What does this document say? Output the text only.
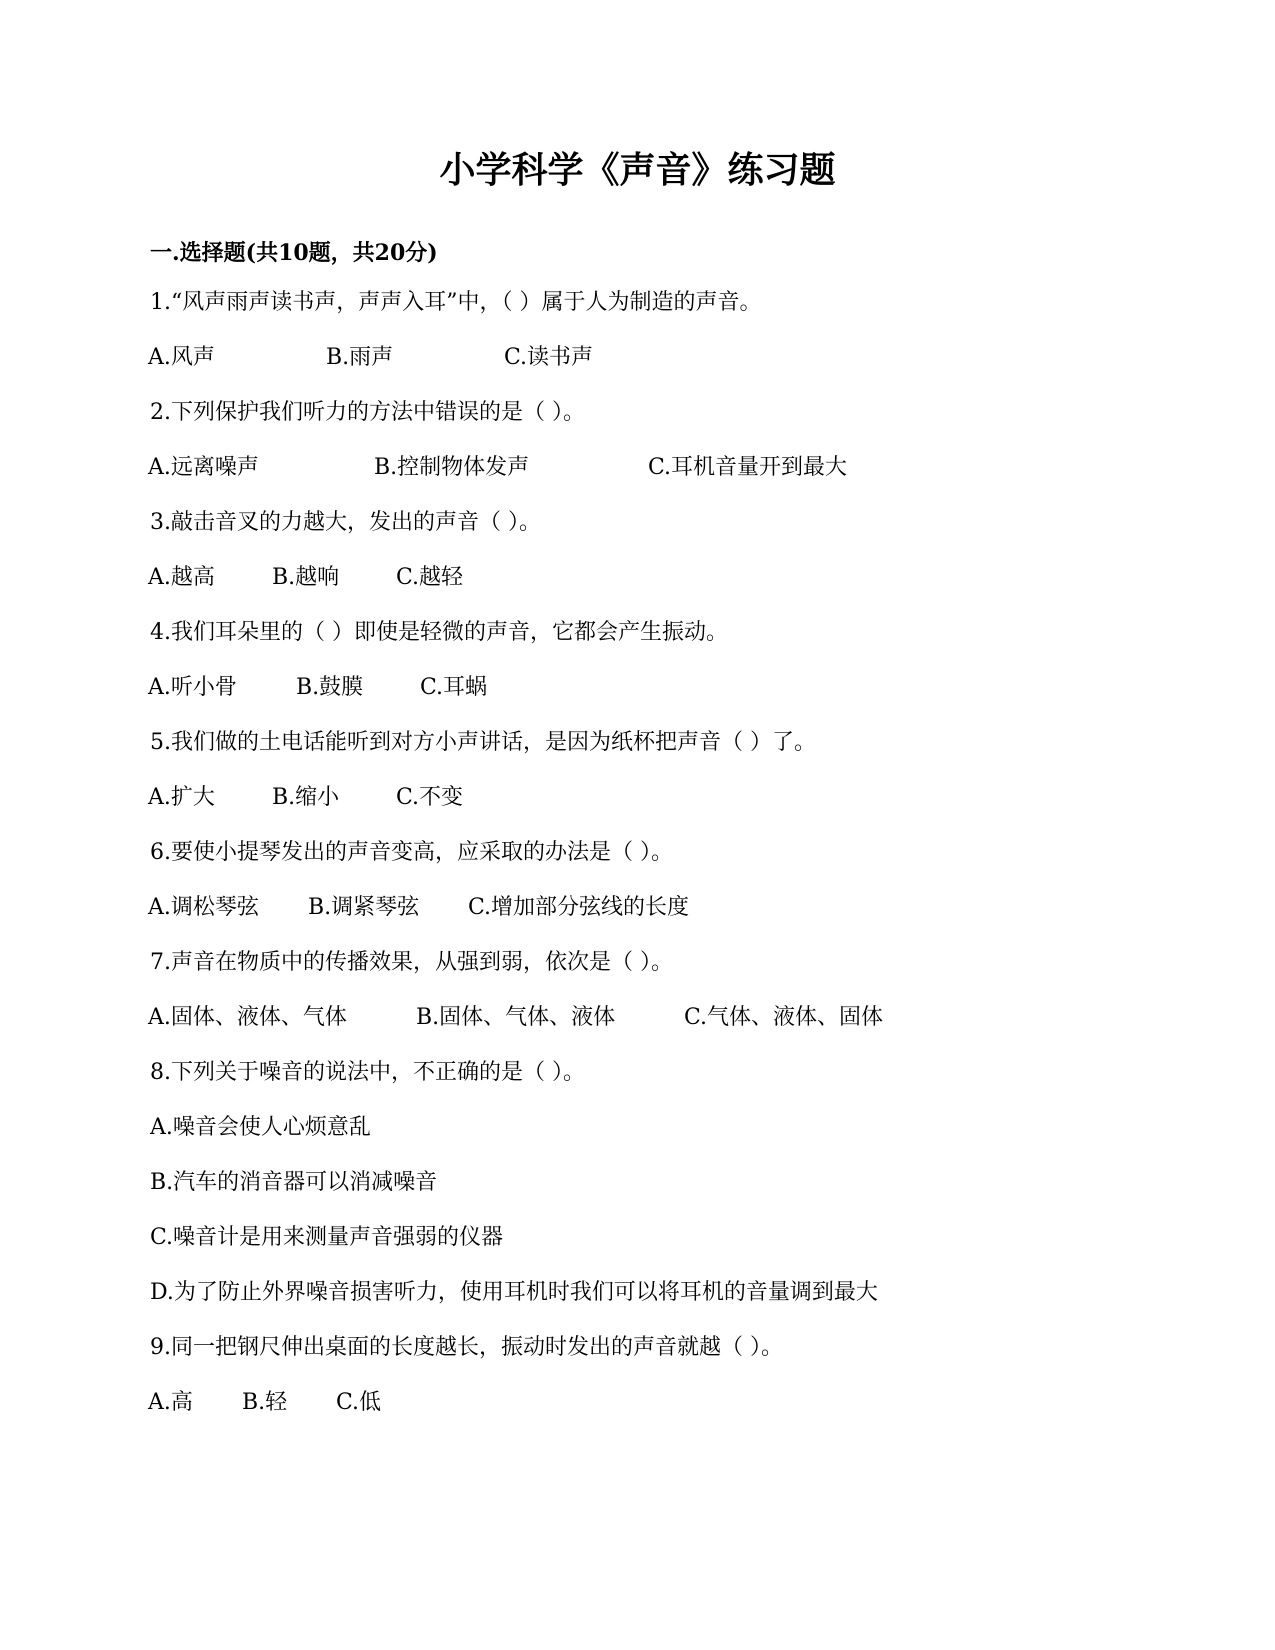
小学科学《声音》练习题
一.选择题(共10题，共20分)
1.“风声雨声读书声，声声入耳”中，（ ）属于人为制造的声音。
A.风声	B.雨声	C.读书声
2.下列保护我们听力的方法中错误的是（ ）。
A.远离噪声	B.控制物体发声	C.耳机音量开到最大
3.敲击音叉的力越大，发出的声音（ ）。
A.越高	B.越响	C.越轻
4.我们耳朵里的（ ）即使是轻微的声音，它都会产生振动。
A.听小骨	B.鼓膜	C.耳蜗
5.我们做的土电话能听到对方小声讲话，是因为纸杯把声音（ ）了。
A.扩大	B.缩小	C.不变
6.要使小提琴发出的声音变高，应采取的办法是（ ）。
A.调松琴弦 B.调紧琴弦 C.增加部分弦线的长度
7.声音在物质中的传播效果，从强到弱，依次是（ ）。
A.固体、液体、气体	B.固体、气体、液体	C.气体、液体、固体
8.下列关于噪音的说法中，不正确的是（ ）。
A.噪音会使人心烦意乱
B.汽车的消音器可以消减噪音
C.噪音计是用来测量声音强弱的仪器
D.为了防止外界噪音损害听力，使用耳机时我们可以将耳机的音量调到最大
9.同一把钢尺伸出桌面的长度越长，振动时发出的声音就越（ ）。
A.高 B.轻 C.低
